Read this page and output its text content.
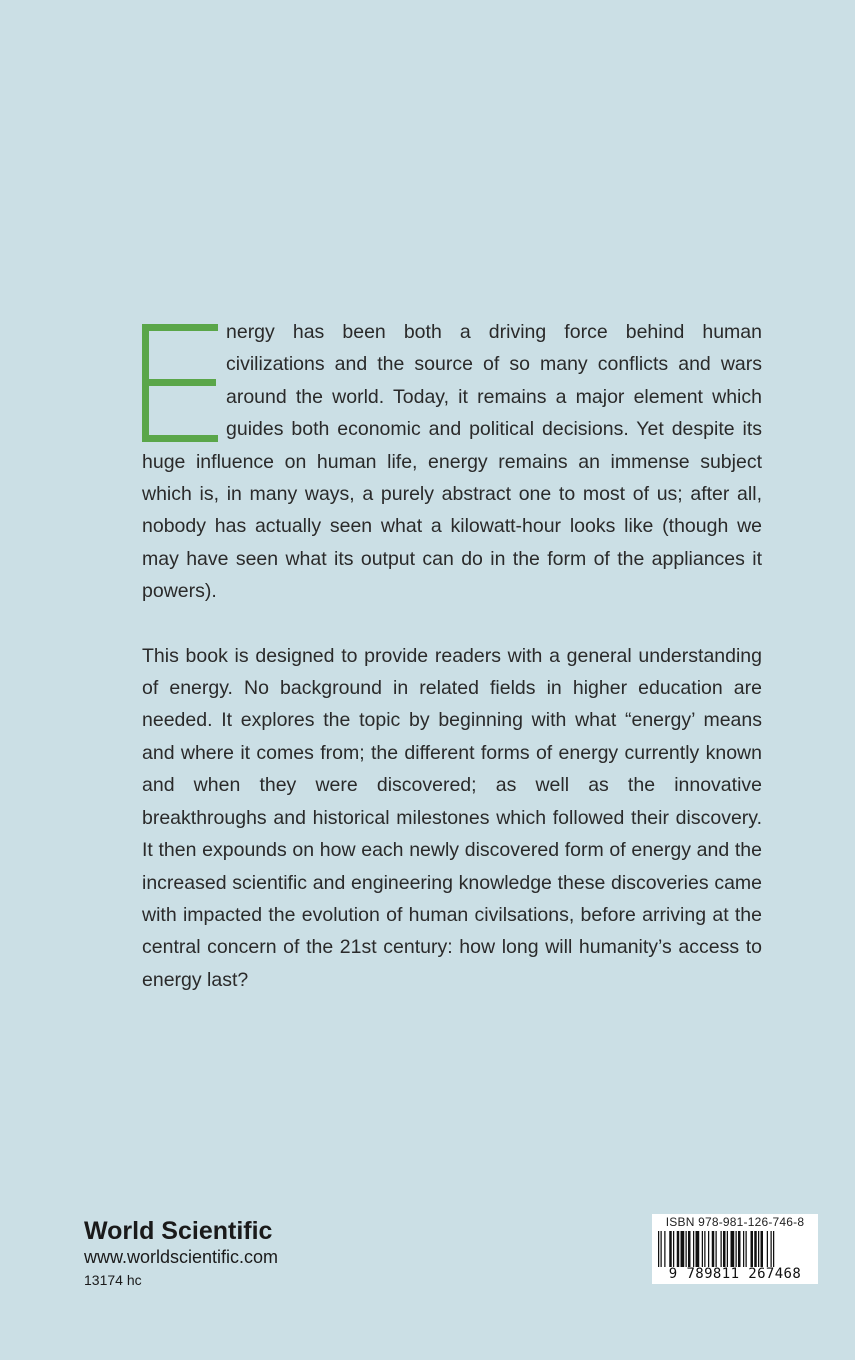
nergy has been both a driving force behind human civilizations and the source of so many conflicts and wars around the world. Today, it remains a major element which guides both economic and political decisions. Yet despite its huge influence on human life, energy remains an immense subject which is, in many ways, a purely abstract one to most of us; after all, nobody has actually seen what a kilowatt-hour looks like (though we may have seen what its output can do in the form of the appliances it powers).

This book is designed to provide readers with a general understanding of energy. No background in related fields in higher education are needed. It explores the topic by beginning with what “energy’ means and where it comes from; the different forms of energy currently known and when they were discovered; as well as the innovative breakthroughs and historical milestones which followed their discovery. It then expounds on how each newly discovered form of energy and the increased scientific and engineering knowledge these discoveries came with impacted the evolution of human civilsations, before arriving at the central concern of the 21st century: how long will humanity’s access to energy last?

World Scientific
www.worldscientific.com
13174 hc
ISBN 978-981-126-746-8
9 789811 267468
